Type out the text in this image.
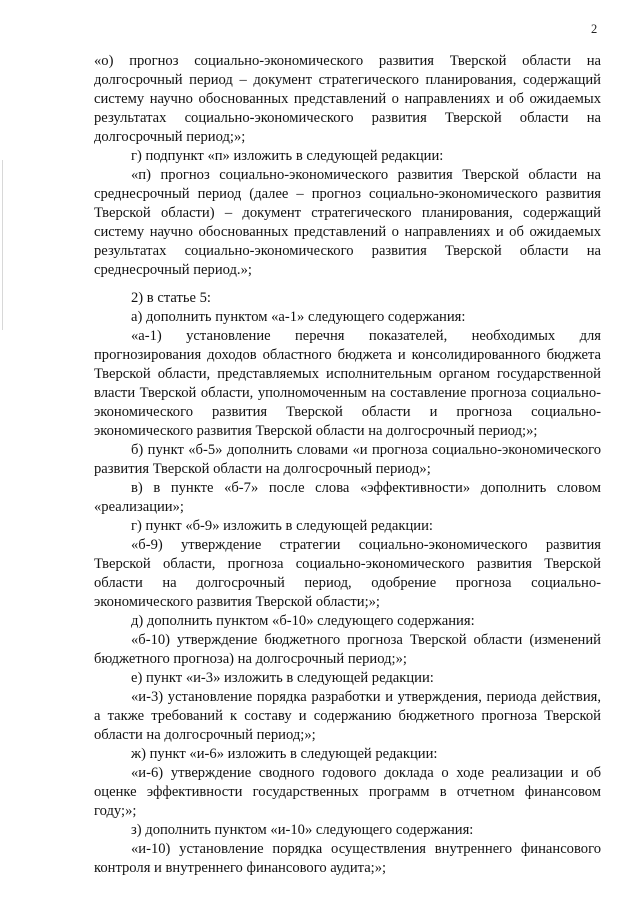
2

«о) прогноз социально-экономического развития Тверской области на долгосрочный период – документ стратегического планирования, содержащий систему научно обоснованных представлений о направлениях и об ожидаемых результатах социально-экономического развития Тверской области на долгосрочный период;»;

г) подпункт «п» изложить в следующей редакции:

«п) прогноз социально-экономического развития Тверской области на среднесрочный период (далее – прогноз социально-экономического развития Тверской области) – документ стратегического планирования, содержащий систему научно обоснованных представлений о направлениях и об ожидаемых результатах социально-экономического развития Тверской области на среднесрочный период.»;

2) в статье 5:

а) дополнить пунктом «а-1» следующего содержания:

«а-1) установление перечня показателей, необходимых для прогнозирования доходов областного бюджета и консолидированного бюджета Тверской области, представляемых исполнительным органом государственной власти Тверской области, уполномоченным на составление прогноза социально-экономического развития Тверской области и прогноза социально-экономического развития Тверской области на долгосрочный период;»;

б) пункт «б-5» дополнить словами «и прогноза социально-экономического развития Тверской области на долгосрочный период»;

в) в пункте «б-7» после слова «эффективности» дополнить словом «реализации»;

г) пункт «б-9» изложить в следующей редакции:

«б-9) утверждение стратегии социально-экономического развития Тверской области, прогноза социально-экономического развития Тверской области на долгосрочный период, одобрение прогноза социально-экономического развития Тверской области;»;

д) дополнить пунктом «б-10» следующего содержания:

«б-10) утверждение бюджетного прогноза Тверской области (изменений бюджетного прогноза) на долгосрочный период;»;

е) пункт «и-3» изложить в следующей редакции:

«и-3) установление порядка разработки и утверждения, периода действия, а также требований к составу и содержанию бюджетного прогноза Тверской области на долгосрочный период;»;

ж) пункт «и-6» изложить в следующей редакции:

«и-6) утверждение сводного годового доклада о ходе реализации и об оценке эффективности государственных программ в отчетном финансовом году;»;

з) дополнить пунктом «и-10» следующего содержания:

«и-10) установление порядка осуществления внутреннего финансового контроля и внутреннего финансового аудита;»;
